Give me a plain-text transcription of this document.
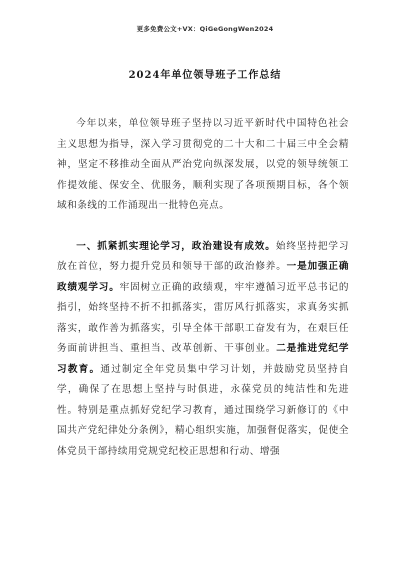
更多免费公文+VX：QiGeGongWen2024
2024年单位领导班子工作总结

今年以来，单位领导班子坚持以习近平新时代中国特色社会主义思想为指导，深入学习贯彻党的二十大和二十届三中全会精神，坚定不移推动全面从严治党向纵深发展，以党的领导统领工作提效能、保安全、优服务，顺利实现了各项预期目标，各个领域和条线的工作涌现出一批特色亮点。

一、抓紧抓实理论学习，政治建设有成效。始终坚持把学习放在首位，努力提升党员和领导干部的政治修养。一是加强正确政绩观学习。牢固树立正确的政绩观，牢牢遵循习近平总书记的指引，始终坚持不折不扣抓落实，雷厉风行抓落实，求真务实抓落实，敢作善为抓落实，引导全体干部职工奋发有为，在艰巨任务面前讲担当、重担当、改革创新、干事创业。二是推进党纪学习教育。通过制定全年党员集中学习计划，并鼓励党员坚持自学，确保了在思想上坚持与时俱进，永葆党员的纯洁性和先进性。特别是重点抓好党纪学习教育，通过围绕学习新修订的《中国共产党纪律处分条例》，精心组织实施，加强督促落实，促使全体党员干部持续用党规党纪校正思想和行动、增强
